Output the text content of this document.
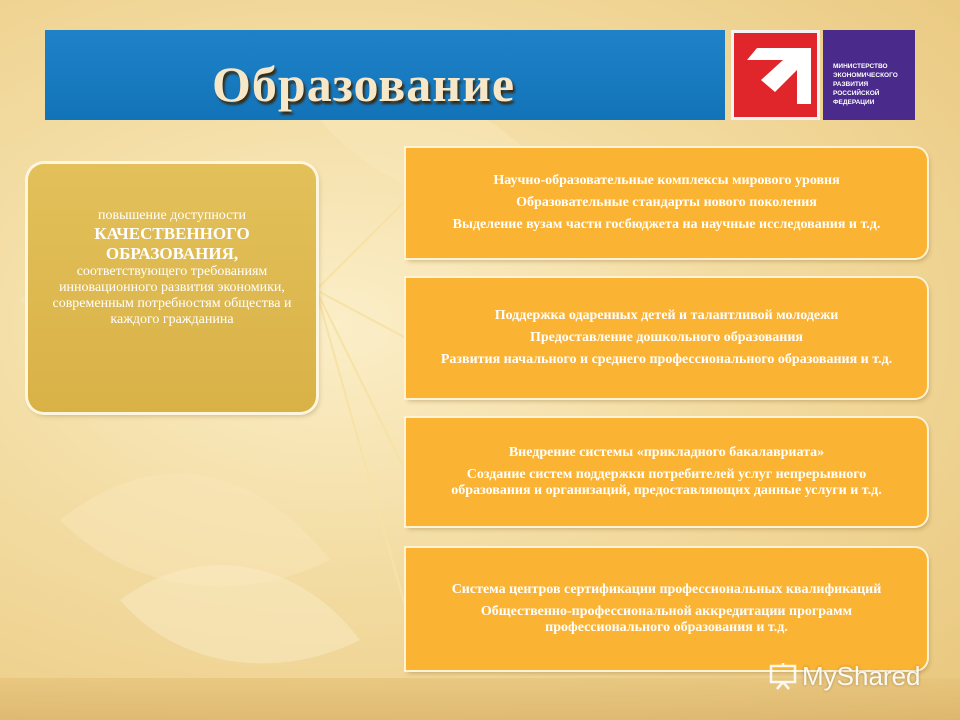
Образование	МИНИСТЕРСТВО
ЭКОНОМИЧЕСКОГО
РАЗВИТИЯ
РОССИЙСКОЙ
ФЕДЕРАЦИИ
повышение доступности
КАЧЕСТВЕННОГО ОБРАЗОВАНИЯ,
соответствующего требованиям инновационного развития экономики, современным потребностям общества и каждого гражданина
Научно-образовательные комплексы мирового уровня
Образовательные стандарты нового поколения
Выделение вузам части госбюджета на научные исследования и т.д.
Поддержка одаренных детей и талантливой молодежи
Предоставление дошкольного образования
Развития начального и среднего профессионального образования и т.д.
Внедрение системы «прикладного бакалавриата»
Создание систем поддержки потребителей услуг непрерывного образования и организаций, предоставляющих данные услуги и т.д.
Система центров сертификации профессиональных квалификаций
Общественно-профессиональной аккредитации программ профессионального образования и т.д.
MyShared
